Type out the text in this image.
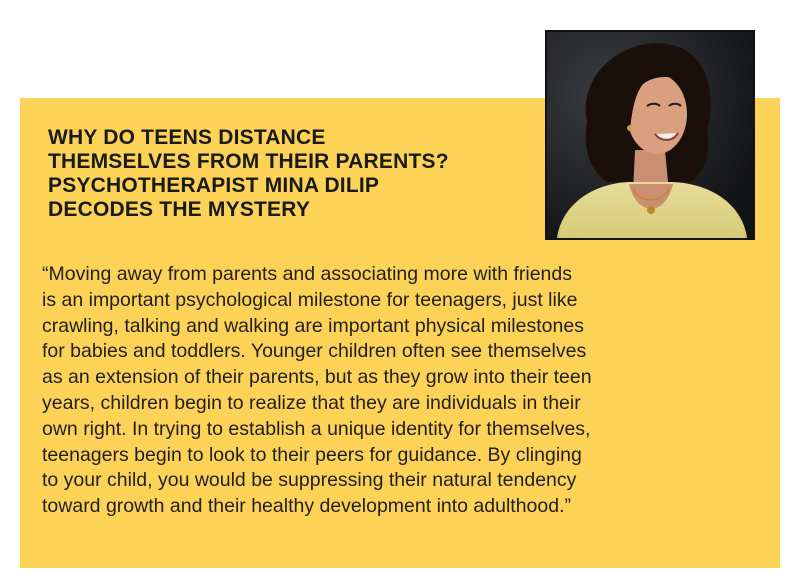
WHY DO TEENS DISTANCE
THEMSELVES FROM THEIR PARENTS?
PSYCHOTHERAPIST MINA DILIP
DECODES THE MYSTERY

“Moving away from parents and associating more with friends
is an important psychological milestone for teenagers, just like
crawling, talking and walking are important physical milestones
for babies and toddlers. Younger children often see themselves
as an extension of their parents, but as they grow into their teen
years, children begin to realize that they are individuals in their
own right. In trying to establish a unique identity for themselves,
teenagers begin to look to their peers for guidance. By clinging
to your child, you would be suppressing their natural tendency
toward growth and their healthy development into adulthood.”
